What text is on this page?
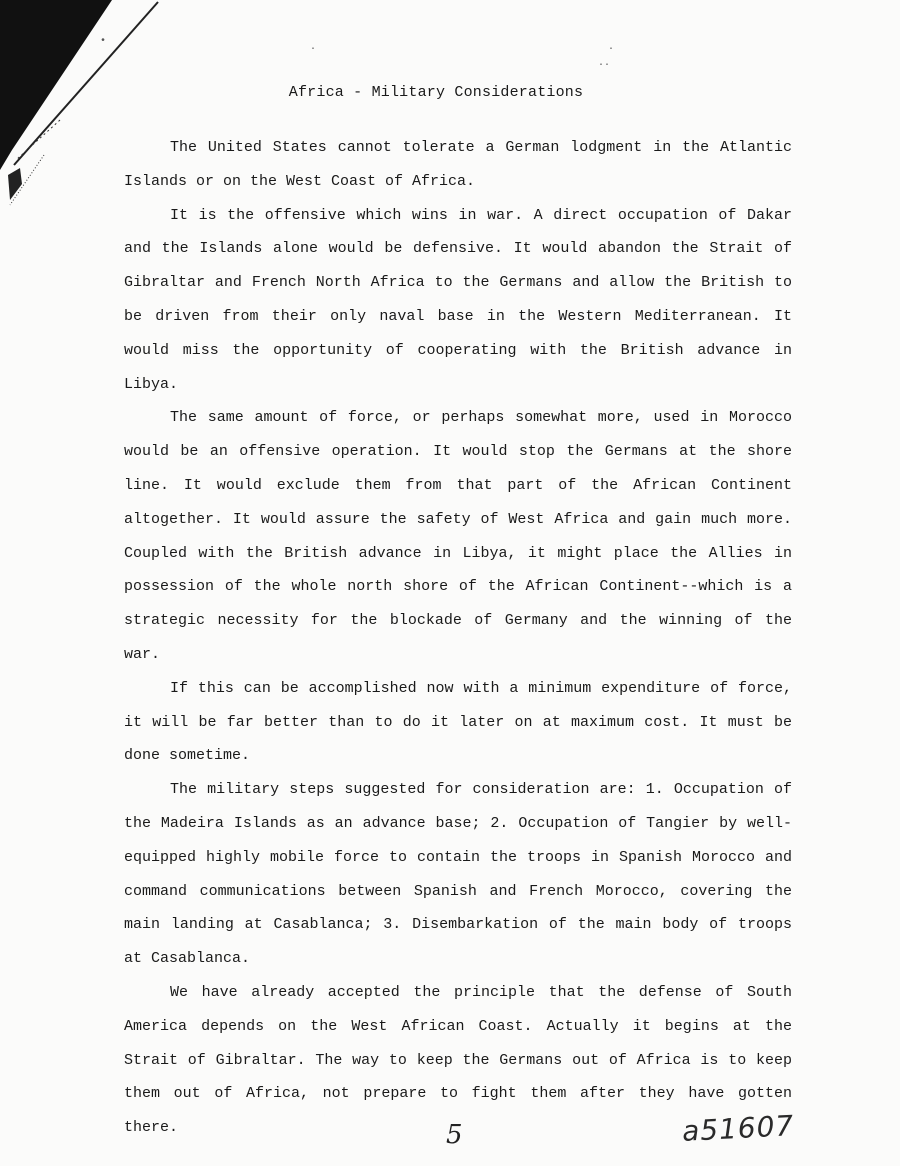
·	·
··
•
Africa - Military Considerations

The United States cannot tolerate a German lodgment in the Atlantic Islands or on the West Coast of Africa.

It is the offensive which wins in war. A direct occupation of Dakar and the Islands alone would be defensive. It would abandon the Strait of Gibraltar and French North Africa to the Germans and allow the British to be driven from their only naval base in the Western Mediterranean. It would miss the opportunity of cooperating with the British advance in Libya.

The same amount of force, or perhaps somewhat more, used in Morocco would be an offensive operation. It would stop the Germans at the shore line. It would exclude them from that part of the African Continent altogether. It would assure the safety of West Africa and gain much more. Coupled with the British advance in Libya, it might place the Allies in possession of the whole north shore of the African Continent--which is a strategic necessity for the blockade of Germany and the winning of the war.

If this can be accomplished now with a minimum expenditure of force, it will be far better than to do it later on at maximum cost. It must be done sometime.

The military steps suggested for consideration are: 1. Occupation of the Madeira Islands as an advance base; 2. Occupation of Tangier by well-equipped highly mobile force to contain the troops in Spanish Morocco and command communications between Spanish and French Morocco, covering the main landing at Casablanca; 3. Disembarkation of the main body of troops at Casablanca.

We have already accepted the principle that the defense of South America depends on the West African Coast. Actually it begins at the Strait of Gibraltar. The way to keep the Germans out of Africa is to keep them out of Africa, not prepare to fight them after they have gotten there.	5	a51607
